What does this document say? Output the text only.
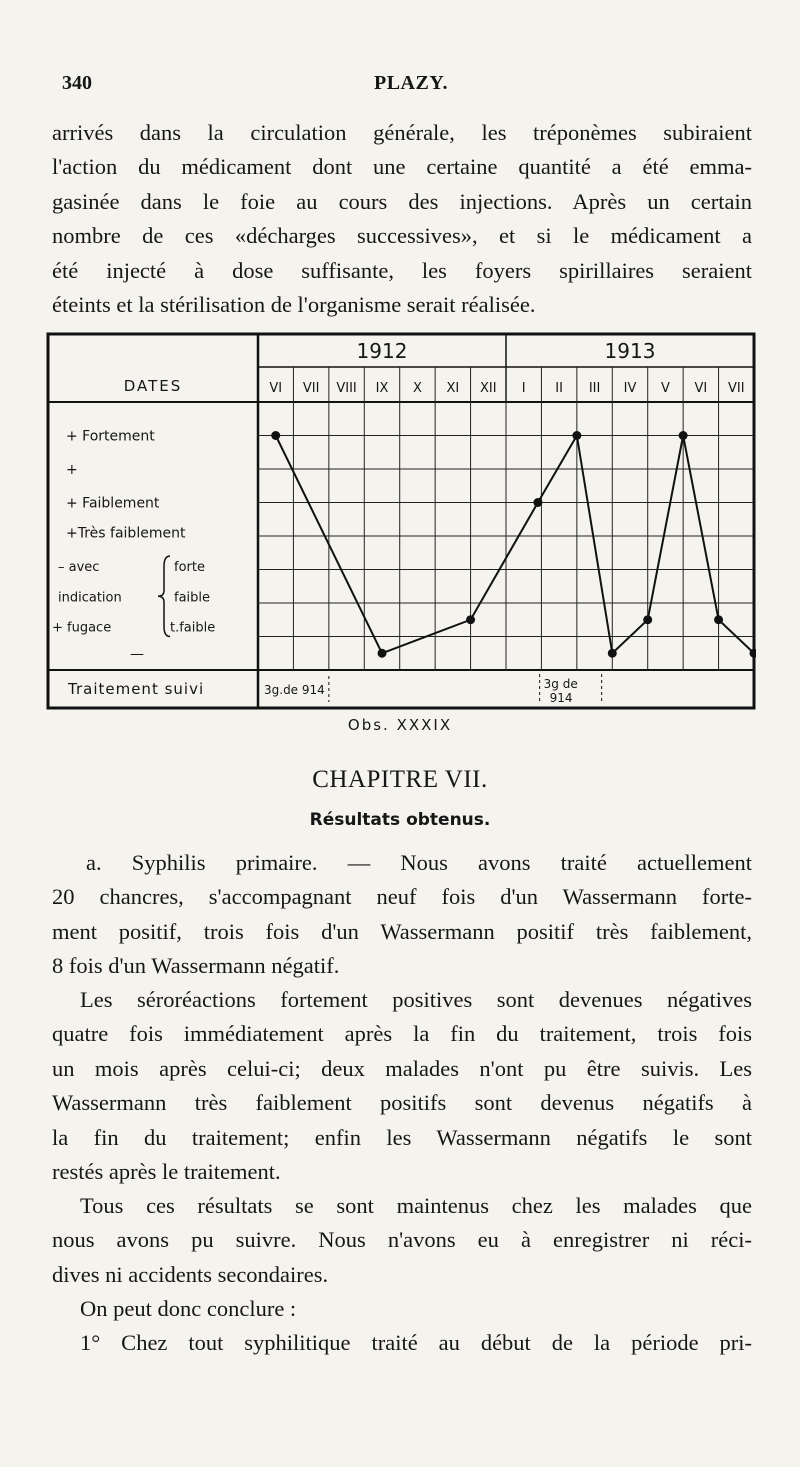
340	PLAZY.
arrivés dans la circulation générale, les tréponèmes subiraient
l'action du médicament dont une certaine quantité a été emma-
gasinée dans le foie au cours des injections. Après un certain
nombre de ces «décharges successives», et si le médicament a
été injecté à dose suffisante, les foyers spirillaires seraient
éteints et la stérilisation de l'organisme serait réalisée.
1912	1913
VI VII VIII IX X XI XII I II III IV V VI VII
DATES
+ Fortement
+
+ Faiblement
+Très faiblement
– avec
indication
+ fugace
—
forte
faible
t.faible
Traitement suivi	3g.de 914	3g de
914
Obs. XXXIX
CHAPITRE VII.
Résultats obtenus.
a. Syphilis primaire. — Nous avons traité actuellement
20 chancres, s'accompagnant neuf fois d'un Wassermann forte-
ment positif, trois fois d'un Wassermann positif très faiblement,
8 fois d'un Wassermann négatif.
Les séroréactions fortement positives sont devenues négatives
quatre fois immédiatement après la fin du traitement, trois fois
un mois après celui-ci; deux malades n'ont pu être suivis. Les
Wassermann très faiblement positifs sont devenus négatifs à
la fin du traitement; enfin les Wassermann négatifs le sont
restés après le traitement.
Tous ces résultats se sont maintenus chez les malades que
nous avons pu suivre. Nous n'avons eu à enregistrer ni réci-
dives ni accidents secondaires.
On peut donc conclure :
1° Chez tout syphilitique traité au début de la période pri-
